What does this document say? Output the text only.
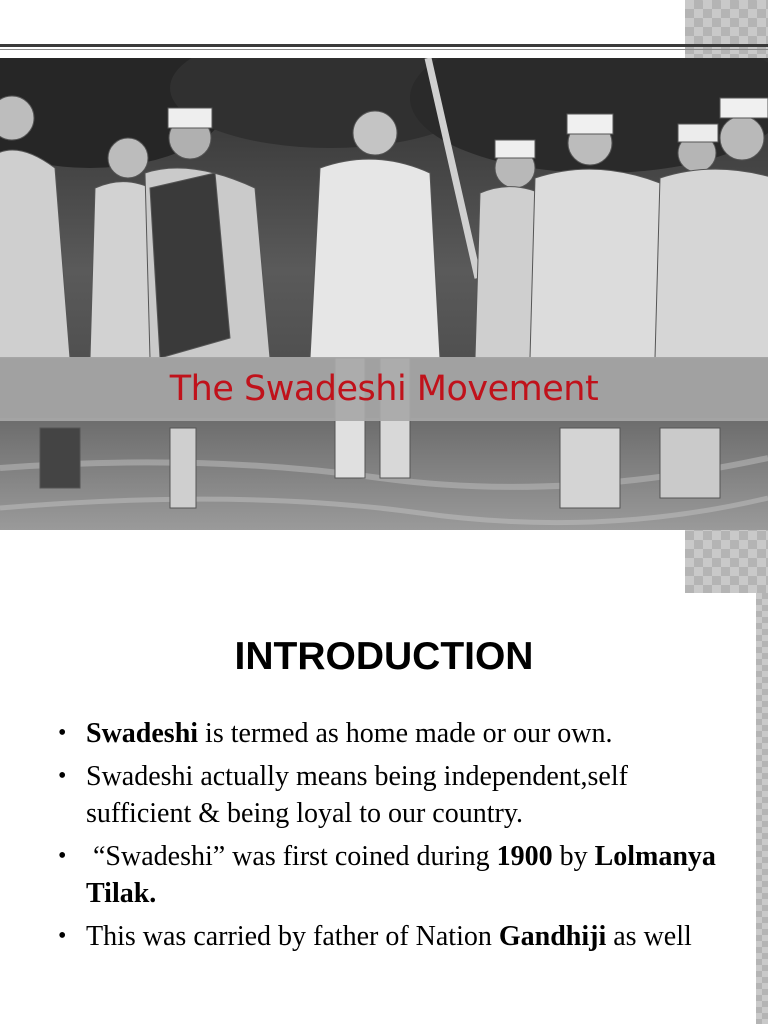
The Swadeshi Movement
INTRODUCTION
• Swadeshi is termed as home made or our own.
• Swadeshi actually means being independent,self sufficient & being loyal to our country.
• “Swadeshi” was first coined during 1900 by Lolmanya Tilak.
• This was carried by father of Nation Gandhiji as well
